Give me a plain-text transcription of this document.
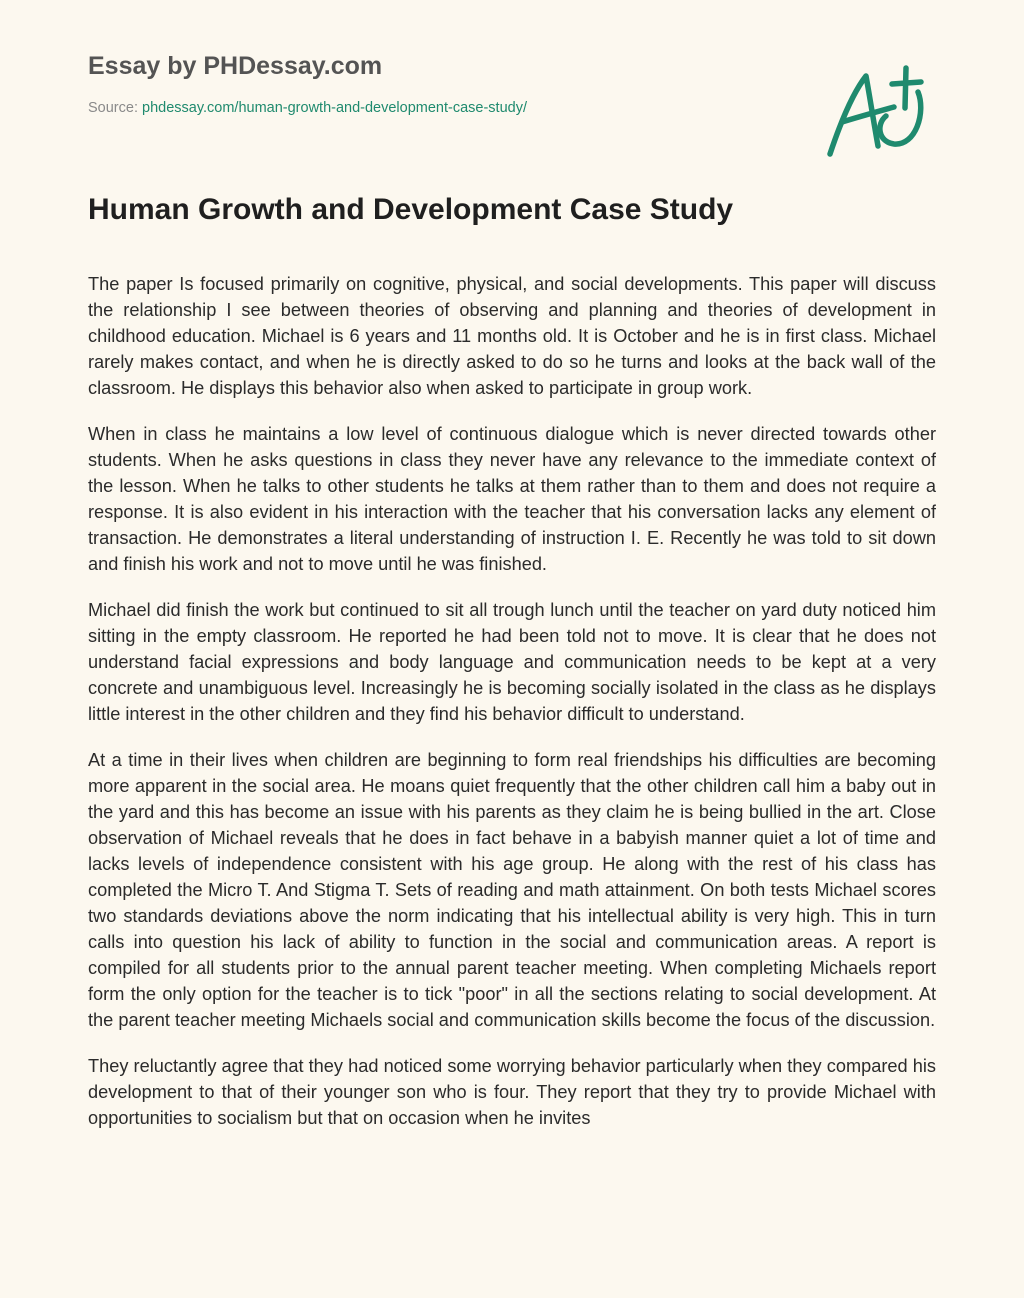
Essay by PHDessay.com
Source: phdessay.com/human-growth-and-development-case-study/
Human Growth and Development Case Study

The paper Is focused primarily on cognitive, physical, and social developments. This paper will discuss the relationship I see between theories of observing and planning and theories of development in childhood education. Michael is 6 years and 11 months old. It is October and he is in first class. Michael rarely makes contact, and when he is directly asked to do so he turns and looks at the back wall of the classroom. He displays this behavior also when asked to participate in group work.

When in class he maintains a low level of continuous dialogue which is never directed towards other students. When he asks questions in class they never have any relevance to the immediate context of the lesson. When he talks to other students he talks at them rather than to them and does not require a response. It is also evident in his interaction with the teacher that his conversation lacks any element of transaction. He demonstrates a literal understanding of instruction I. E. Recently he was told to sit down and finish his work and not to move until he was finished.

Michael did finish the work but continued to sit all trough lunch until the teacher on yard duty noticed him sitting in the empty classroom. He reported he had been told not to move. It is clear that he does not understand facial expressions and body language and communication needs to be kept at a very concrete and unambiguous level. Increasingly he is becoming socially isolated in the class as he displays little interest in the other children and they find his behavior difficult to understand.

At a time in their lives when children are beginning to form real friendships his difficulties are becoming more apparent in the social area. He moans quiet frequently that the other children call him a baby out in the yard and this has become an issue with his parents as they claim he is being bullied in the art. Close observation of Michael reveals that he does in fact behave in a babyish manner quiet a lot of time and lacks levels of independence consistent with his age group. He along with the rest of his class has completed the Micro T. And Stigma T. Sets of reading and math attainment. On both tests Michael scores two standards deviations above the norm indicating that his intellectual ability is very high. This in turn calls into question his lack of ability to function in the social and communication areas. A report is compiled for all students prior to the annual parent teacher meeting. When completing Michaels report form the only option for the teacher is to tick "poor" in all the sections relating to social development. At the parent teacher meeting Michaels social and communication skills become the focus of the discussion.

They reluctantly agree that they had noticed some worrying behavior particularly when they compared his development to that of their younger son who is four. They report that they try to provide Michael with opportunities to socialism but that on occasion when he invites
